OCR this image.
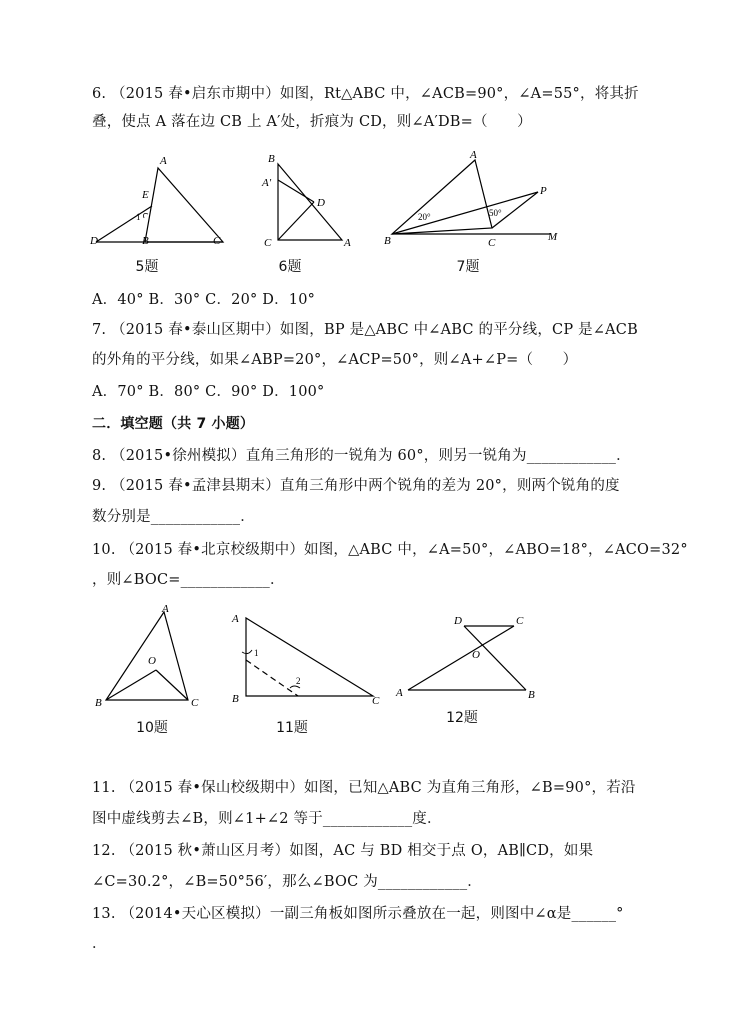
6. （2015 春•启东市期中）如图，Rt△ABC 中，∠ACB=90°，∠A=55°，将其折
叠，使点 A 落在边 CB 上 A′处，折痕为 CD，则∠A′DB=（　　）
A
E
1
D	B	C
5题
B
A′
D
C	A
6题
A
P
20°	50°
B	C	M
7题
A．40° B．30° C．20° D．10°
7. （2015 春•泰山区期中）如图，BP 是△ABC 中∠ABC 的平分线，CP 是∠ACB
的外角的平分线，如果∠ABP=20°，∠ACP=50°，则∠A+∠P=（　　）
A．70° B．80° C．90° D．100°
二．填空题（共 7 小题）
8. （2015•徐州模拟）直角三角形的一锐角为 60°，则另一锐角为____________．
9. （2015 春•孟津县期末）直角三角形中两个锐角的差为 20°，则两个锐角的度
数分别是____________．
10. （2015 春•北京校级期中）如图，△ABC 中，∠A=50°，∠ABO=18°，∠ACO=32°
，则∠BOC=____________．
A
O
B	C
10题
A
1
2
B	C
11题
D	C
O
A	B
12题
11. （2015 春•保山校级期中）如图，已知△ABC 为直角三角形，∠B=90°，若沿
图中虚线剪去∠B，则∠1+∠2 等于____________度．
12. （2015 秋•萧山区月考）如图，AC 与 BD 相交于点 O，AB∥CD，如果
∠C=30.2°，∠B=50°56′，那么∠BOC 为____________．
13. （2014•天心区模拟）一副三角板如图所示叠放在一起，则图中∠α是______°
．
